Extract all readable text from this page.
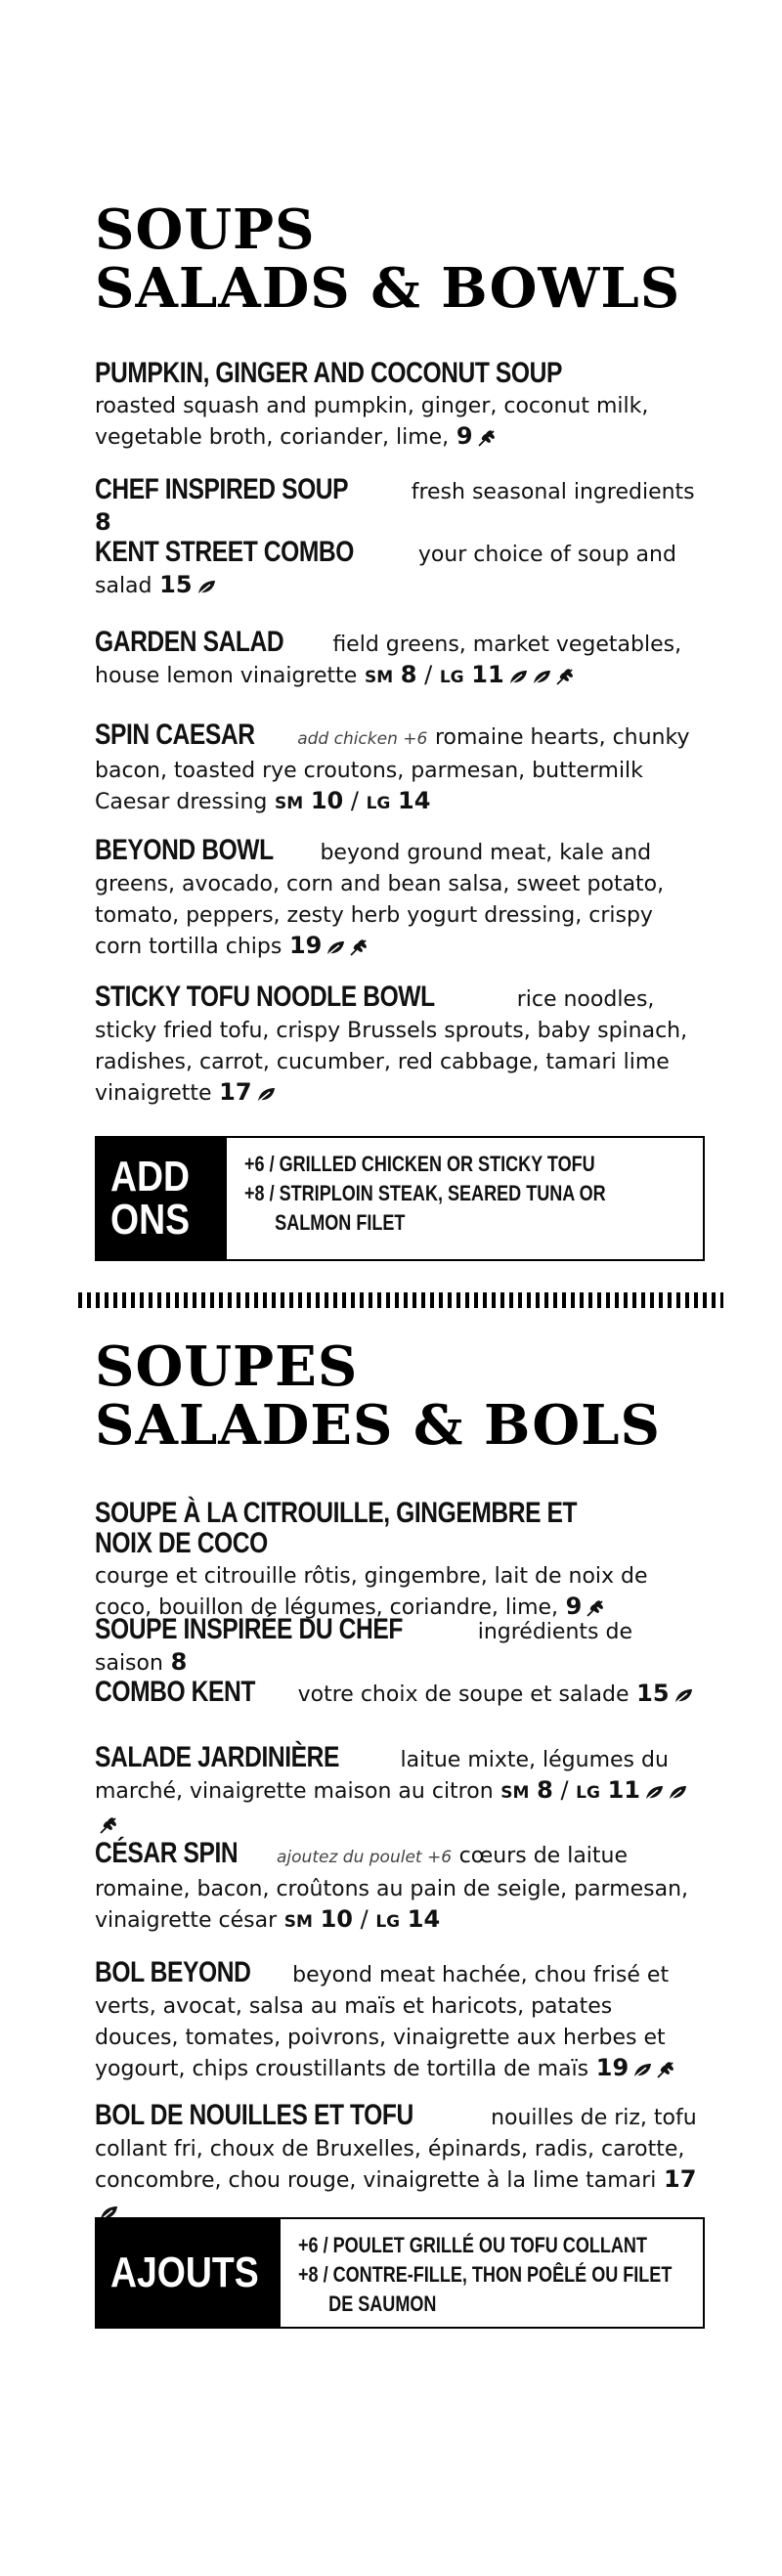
SOUPS
SALADS & BOWLS
PUMPKIN, GINGER AND COCONUT SOUP roasted squash and pumpkin, ginger, coconut milk, vegetable broth, coriander, lime, 9
CHEF INSPIRED SOUP	fresh seasonal ingredients 8
KENT STREET COMBO	your choice of soup and salad 15
GARDEN SALAD field greens, market vegetables, house lemon vinaigrette SM 8 / LG 11
SPIN CAESAR	add chicken +6 romaine hearts, chunky bacon, toasted rye croutons, parmesan, buttermilk Caesar dressing SM 10 / LG 14
BEYOND BOWL beyond ground meat, kale and greens, avocado, corn and bean salsa, sweet potato, tomato, peppers, zesty herb yogurt dressing, crispy corn tortilla chips 19
STICKY TOFU NOODLE BOWL	rice noodles, sticky fried tofu, crispy Brussels sprouts, baby spinach, radishes, carrot, cucumber, red cabbage, tamari lime vinaigrette 17
ADD
ONS
+6 / GRILLED CHICKEN OR STICKY TOFU
+8 / STRIPLOIN STEAK, SEARED TUNA OR
SALMON FILET
SOUPES
SALADES & BOLS
SOUPE À LA CITROUILLE, GINGEMBRE ET NOIX DE COCO courge et citrouille rôtis, gingembre, lait de noix de coco, bouillon de légumes, coriandre, lime, 9
SOUPE INSPIRÉE DU CHEF	ingrédients de saison 8
COMBO KENT votre choix de soupe et salade 15
SALADE JARDINIÈRE	laitue mixte, légumes du marché, vinaigrette maison au citron SM 8 / LG 11
CÉSAR SPIN ajoutez du poulet +6 cœurs de laitue romaine, bacon, croûtons au pain de seigle, parmesan, vinaigrette césar SM 10 / LG 14
BOL BEYOND beyond meat hachée, chou frisé et verts, avocat, salsa au maïs et haricots, patates douces, tomates, poivrons, vinaigrette aux herbes et yogourt, chips croustillants de tortilla de maïs 19
BOL DE NOUILLES ET TOFU	nouilles de riz, tofu collant fri, choux de Bruxelles, épinards, radis, carotte, concombre, chou rouge, vinaigrette à la lime tamari 17
AJOUTS
+6 / POULET GRILLÉ OU TOFU COLLANT
+8 / CONTRE-FILLE, THON POÊLÉ OU FILET
DE SAUMON
